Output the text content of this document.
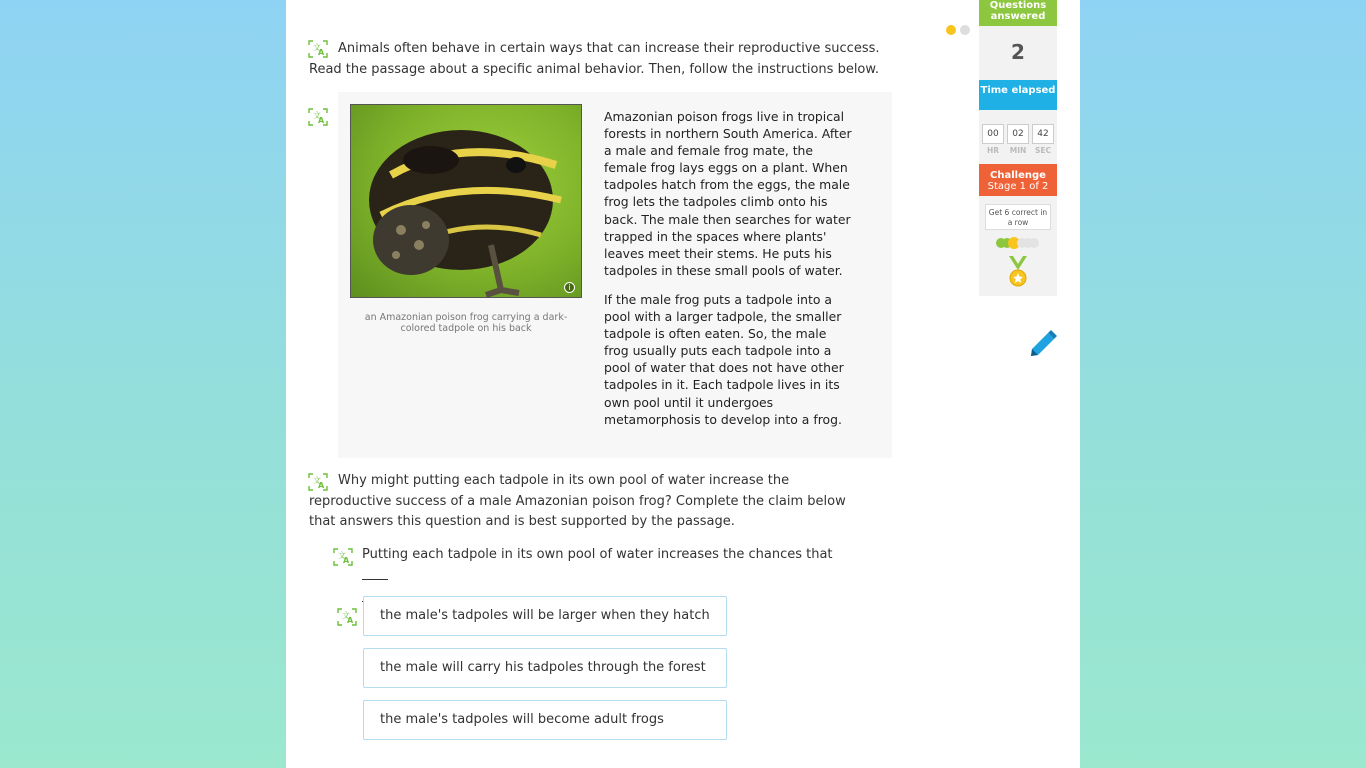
文
A	Animals often behave in certain ways that can increase their reproductive success. Read the passage about a specific animal behavior. Then, follow the instructions below.
文
A
i
an Amazonian poison frog carrying a dark-colored tadpole on his back

Amazonian poison frogs live in tropical forests in northern South America. After a male and female frog mate, the female frog lays eggs on a plant. When tadpoles hatch from the eggs, the male frog lets the tadpoles climb onto his back. The male then searches for water trapped in the spaces where plants' leaves meet their stems. He puts his tadpoles in these small pools of water.

If the male frog puts a tadpole into a pool with a larger tadpole, the smaller tadpole is often eaten. So, the male frog usually puts each tadpole into a pool of water that does not have other tadpoles in it. Each tadpole lives in its own pool until it undergoes metamorphosis to develop into a frog.

文
A	Why might putting each tadpole in its own pool of water increase the reproductive success of a male Amazonian poison frog? Complete the claim below that answers this question and is best supported by the passage.
文
A Putting each tadpole in its own pool of water increases the chances that

文
A	the male's tadpoles will be larger when they hatch
the male will carry his tadpoles through the forest
the male's tadpoles will become adult frogs
Questions answered
2
Time elapsed
00	02	42
HR	MIN	SEC
Challenge
Stage 1 of 2
Get 6 correct in a row
